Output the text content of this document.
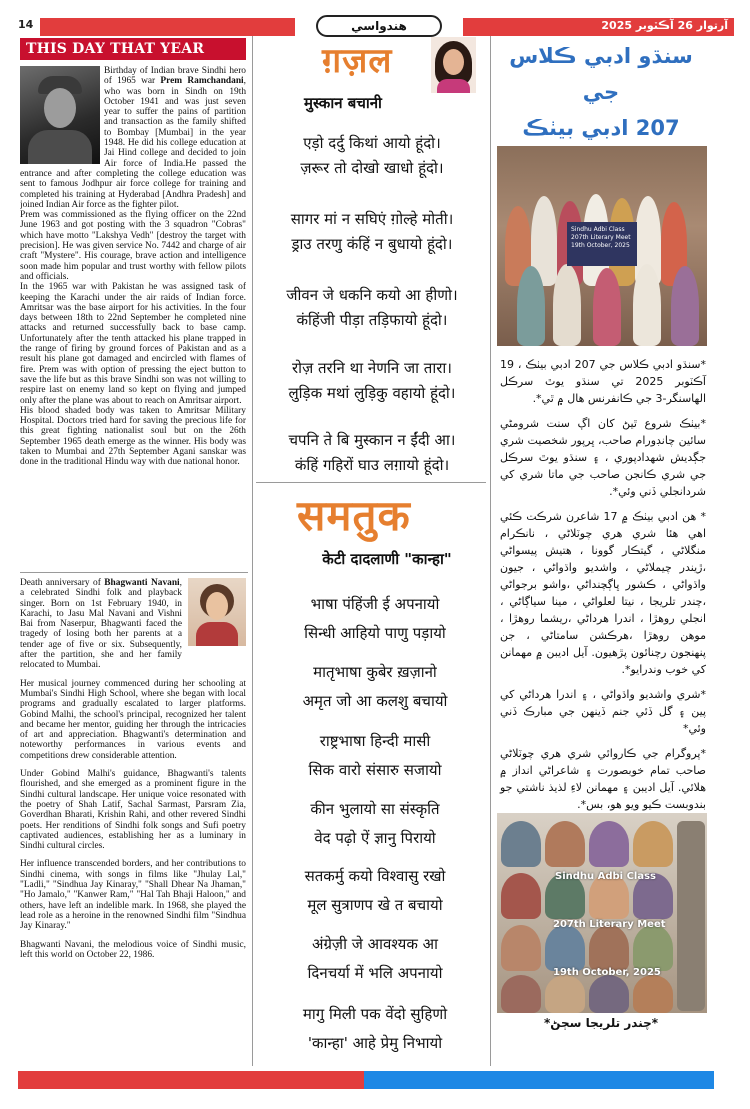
14	هندواسي	آرتوار 26 آڪٽوبر 2025
THIS DAY THAT YEAR

Birthday of Indian brave Sindhi hero of 1965 war Prem Ramchandani, who was born in Sindh on 19th October 1941 and was just seven year to suffer the pains of partition and transaction as the family shifted to Bombay [Mumbai] in the year 1948. He did his college education at Jai Hind college and decided to join Air force of India.He passed the entrance and after completing the college education was sent to famous Jodhpur air force college for training and completed his training at Hyderabad [Andhra Pradesh] and joined Indian Air force as the fighter pilot.

Prem was commissioned as the flying officer on the 22nd June 1963 and got posting with the 3 squadron "Cobras" which have motto "Lakshya Vedh" [destroy the target with precision]. He was given service No. 7442 and charge of air craft "Mystere". His courage, brave action and intelligence soon made him popular and trust worthy with fellow pilots and officials.

In the 1965 war with Pakistan he was assigned task of keeping the Karachi under the air raids of Indian force. Amritsar was the base airport for his activities. In the four days between 18th to 22nd September he completed nine attacks and returned successfully back to base camp. Unfortunately after the tenth attacked his plane trapped in the range of firing by ground forces of Pakistan and as a result his plane got damaged and encircled with flames of fire. Prem was with option of pressing the eject button to save the life but as this brave Sindhi son was not willing to respire last on enemy land so kept on flying and jumped only after the plane was about to reach on Amritsar airport.

His blood shaded body was taken to Amritsar Military Hospital. Doctors tried hard for saving the precious life for this great fighting nationalist soul but on the 26th September 1965 death emerge as the winner. His body was taken to Mumbai and 27th September Agani sanskar was done in the traditional Hindu way with due national honor.

Death anniversary of Bhagwanti Navani, a celebrated Sindhi folk and playback singer. Born on 1st February 1940, in Karachi, to Jasu Mal Navani and Vishni Bai from Naserpur, Bhagwanti faced the tragedy of losing both her parents at a tender age of five or six. Subsequently, after the partition, she and her family relocated to Mumbai.

Her musical journey commenced during her schooling at Mumbai's Sindhi High School, where she began with local programs and gradually escalated to larger platforms. Gobind Malhi, the school's principal, recognized her talent and became her mentor, guiding her through the intricacies of art and appreciation. Bhagwanti's determination and noteworthy performances in various events and competitions drew considerable attention.

Under Gobind Malhi's guidance, Bhagwanti's talents flourished, and she emerged as a prominent figure in the Sindhi cultural landscape. Her unique voice resonated with the poetry of Shah Latif, Sachal Sarmast, Parsram Zia, Goverdhan Bharati, Krishin Rahi, and other revered Sindhi poets. Her renditions of Sindhi folk songs and Sufi poetry captivated audiences, establishing her as a luminary in Sindhi cultural circles.

Her influence transcended borders, and her contributions to Sindhi cinema, with songs in films like "Jhulay Lal," "Ladli," "Sindhua Jay Kinaray," "Shall Dhear Na Jhaman," "Ho Jamalo," "Kanwer Ram," "Hal Tah Bhaji Haloon," and others, have left an indelible mark. In 1968, she played the lead role as a heroine in the renowned Sindhi film "Sindhua Jay Kinaray."

Bhagwanti Navani, the melodious voice of Sindhi music, left this world on October 22, 1986.

ग़ज़ल
मुस्कान बचानी
एड़ो दर्दु किथां आयो हूंदो।
ज़रूर तो दोखो खाधो हूंदो।
सागर मां न सघिएं ग़ोल्हे मोती।
ड्राउ तरणु कंहिं न बुधायो हूंदो।
जीवन जे धकनि कयो आ हीणो।
कंहिंजी पीड़ा तड़िफायो हूंदो।
रोज़ तरनि था नेणनि जा तारा।
लुड़िक मथां लुड़िकु वहायो हूंदो।
चपनि ते बि मुस्कान न ईंदी आ।
कंहिं गहिरों घाउ लग़ायो हूंदो।
समतुक
केटी दादलाणी "कान्हा"
भाषा पंहिंजी ई अपनायो
सिन्धी आहियो पाणु पड़ायो
मातृभाषा कुबेर ख़ज़ानो
अमृत जो आ कलशु बचायो
राष्ट्रभाषा हिन्दी मासी
सिक वारो संसारु सजायो
कीन भुलायो सा संस्कृति
वेद पढ़ो ऐं ज्ञानु पिरायो
सतकर्मु कयो विश्वासु रखो
मूल सुत्राणप खे त बचायो
अंग्रेज़ी जे आवश्यक आ
दिनचर्या में भलि अपनायो
मागु मिली पक वेंदो सुहिणो
'कान्हा' आहे प्रेमु निभायो
سنڌو ادبي ڪلاس جي
207 ادبي بيٺڪ
Sindhu Adbi Class
207th Literary Meet
19th October, 2025

*سنڌو ادبي ڪلاس جي 207 ادبي بيٺڪ ، 19 آڪٽوبر 2025 تي سنڌو يوٿ سرڪل الهاسنگر-3 جي ڪانفرنس هال ۾ ٿي*.

*بيٺڪ شروع ٿيڻ کان اڳ سنت شرومڻي سائين چانڊورام صاحب، ڀرپور شخصيت شري جڳديش شهدادپوري ، ۽ سنڌو يوٿ سرڪل جي شري ڪانجن صاحب جي ماتا شري کي شردانجلي ڏني وئي*.

* هن ادبي بيٺڪ ۾ 17 شاعرن شرڪت ڪئي اهي هئا شري هري چوٽلاڻي ، نانڪرام منگلاڻي ، گيتڪار گوونا ، هتيش پيسواڻي ،ڙيندر چيملاڻي ، واشديو واڌواڻي ، جيون واڌواڻي ، ڪشور ڀاڳچنداڻي ،واشو برجواڻي ،چندر تلريجا ، نيتا لعلواڻي ، مينا سياڳاڻي ، انجلي روهڙا ، اندرا هرداڻي ،ريشما روهڙا ، موهن روهڙا ،هرڪشن سامتاڻي ، جن پنهنجون رچنائون پڙهيون. آيل اديبن ۾ مهمانن کي خوب وندرايو*.

*شري واشديو واڌواڻي ، ۽ اندرا هرداڻي کي پين ۽ گل ڏئي جنم ڏينهن جي مبارڪ ڏني وئي*

*پروگرام جي ڪاروائي شري هري چوٽلاڻي صاحب تمام خوبصورت ۽ شاعراڻي انداز ۾ هلائي. آيل اديبن ۽ مهمانن لاءِ لذيذ ناشتي جو بندوبست ڪيو ويو هو، بس*.

Sindhu Adbi Class
207th Literary Meet
19th October, 2025
*چندر تلريجا سڄڻ*
